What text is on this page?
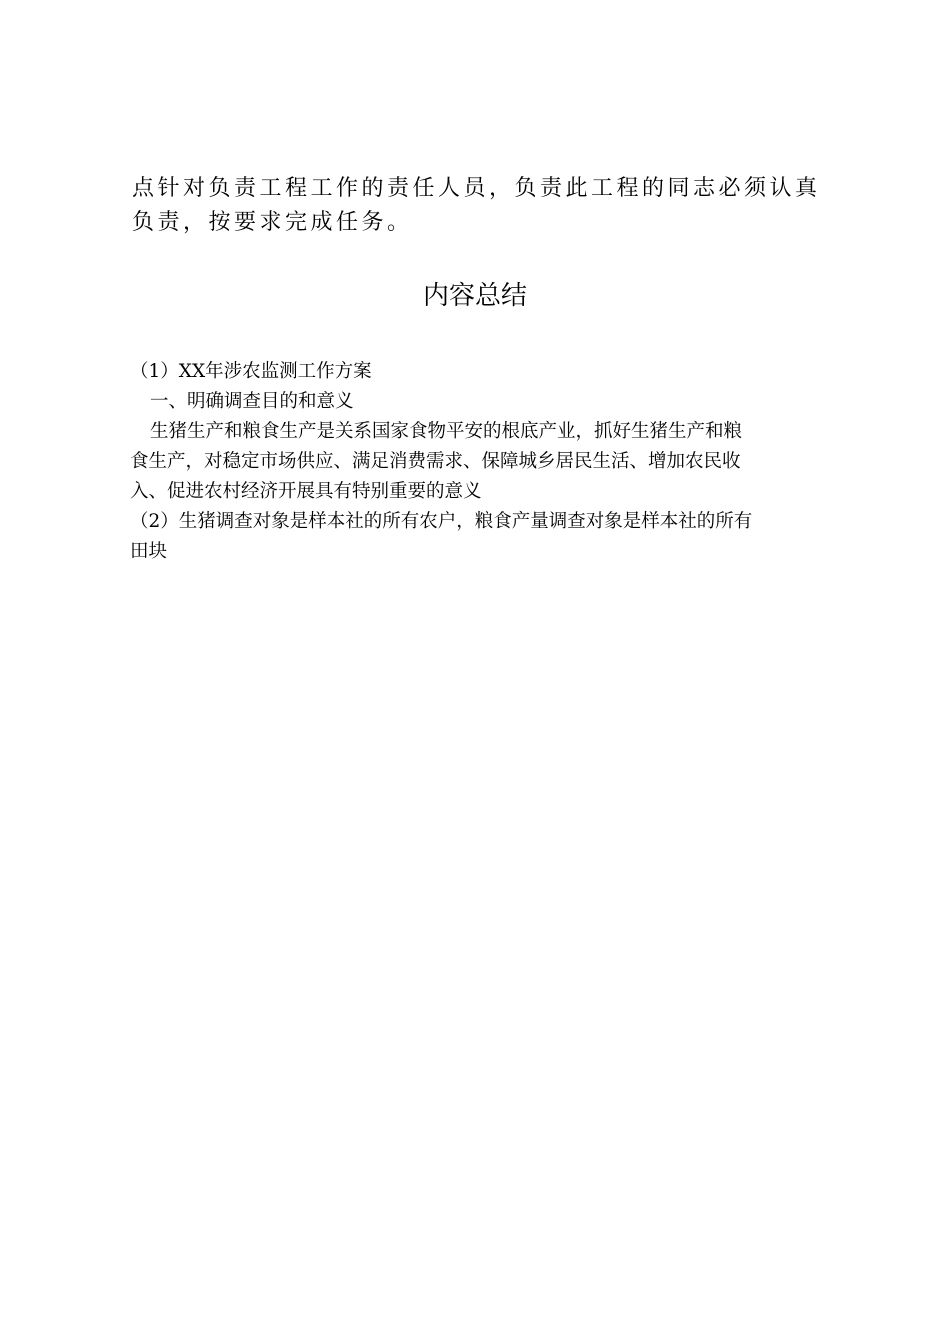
点针对负责工程工作的责任人员，负责此工程的同志必须认真

负责，按要求完成任务。

内容总结

（1）XX年涉农监测工作方案

一、明确调查目的和意义

生猪生产和粮食生产是关系国家食物平安的根底产业，抓好生猪生产和粮

食生产，对稳定市场供应、满足消费需求、保障城乡居民生活、增加农民收

入、促进农村经济开展具有特别重要的意义

（2）生猪调查对象是样本社的所有农户，粮食产量调查对象是样本社的所有

田块
